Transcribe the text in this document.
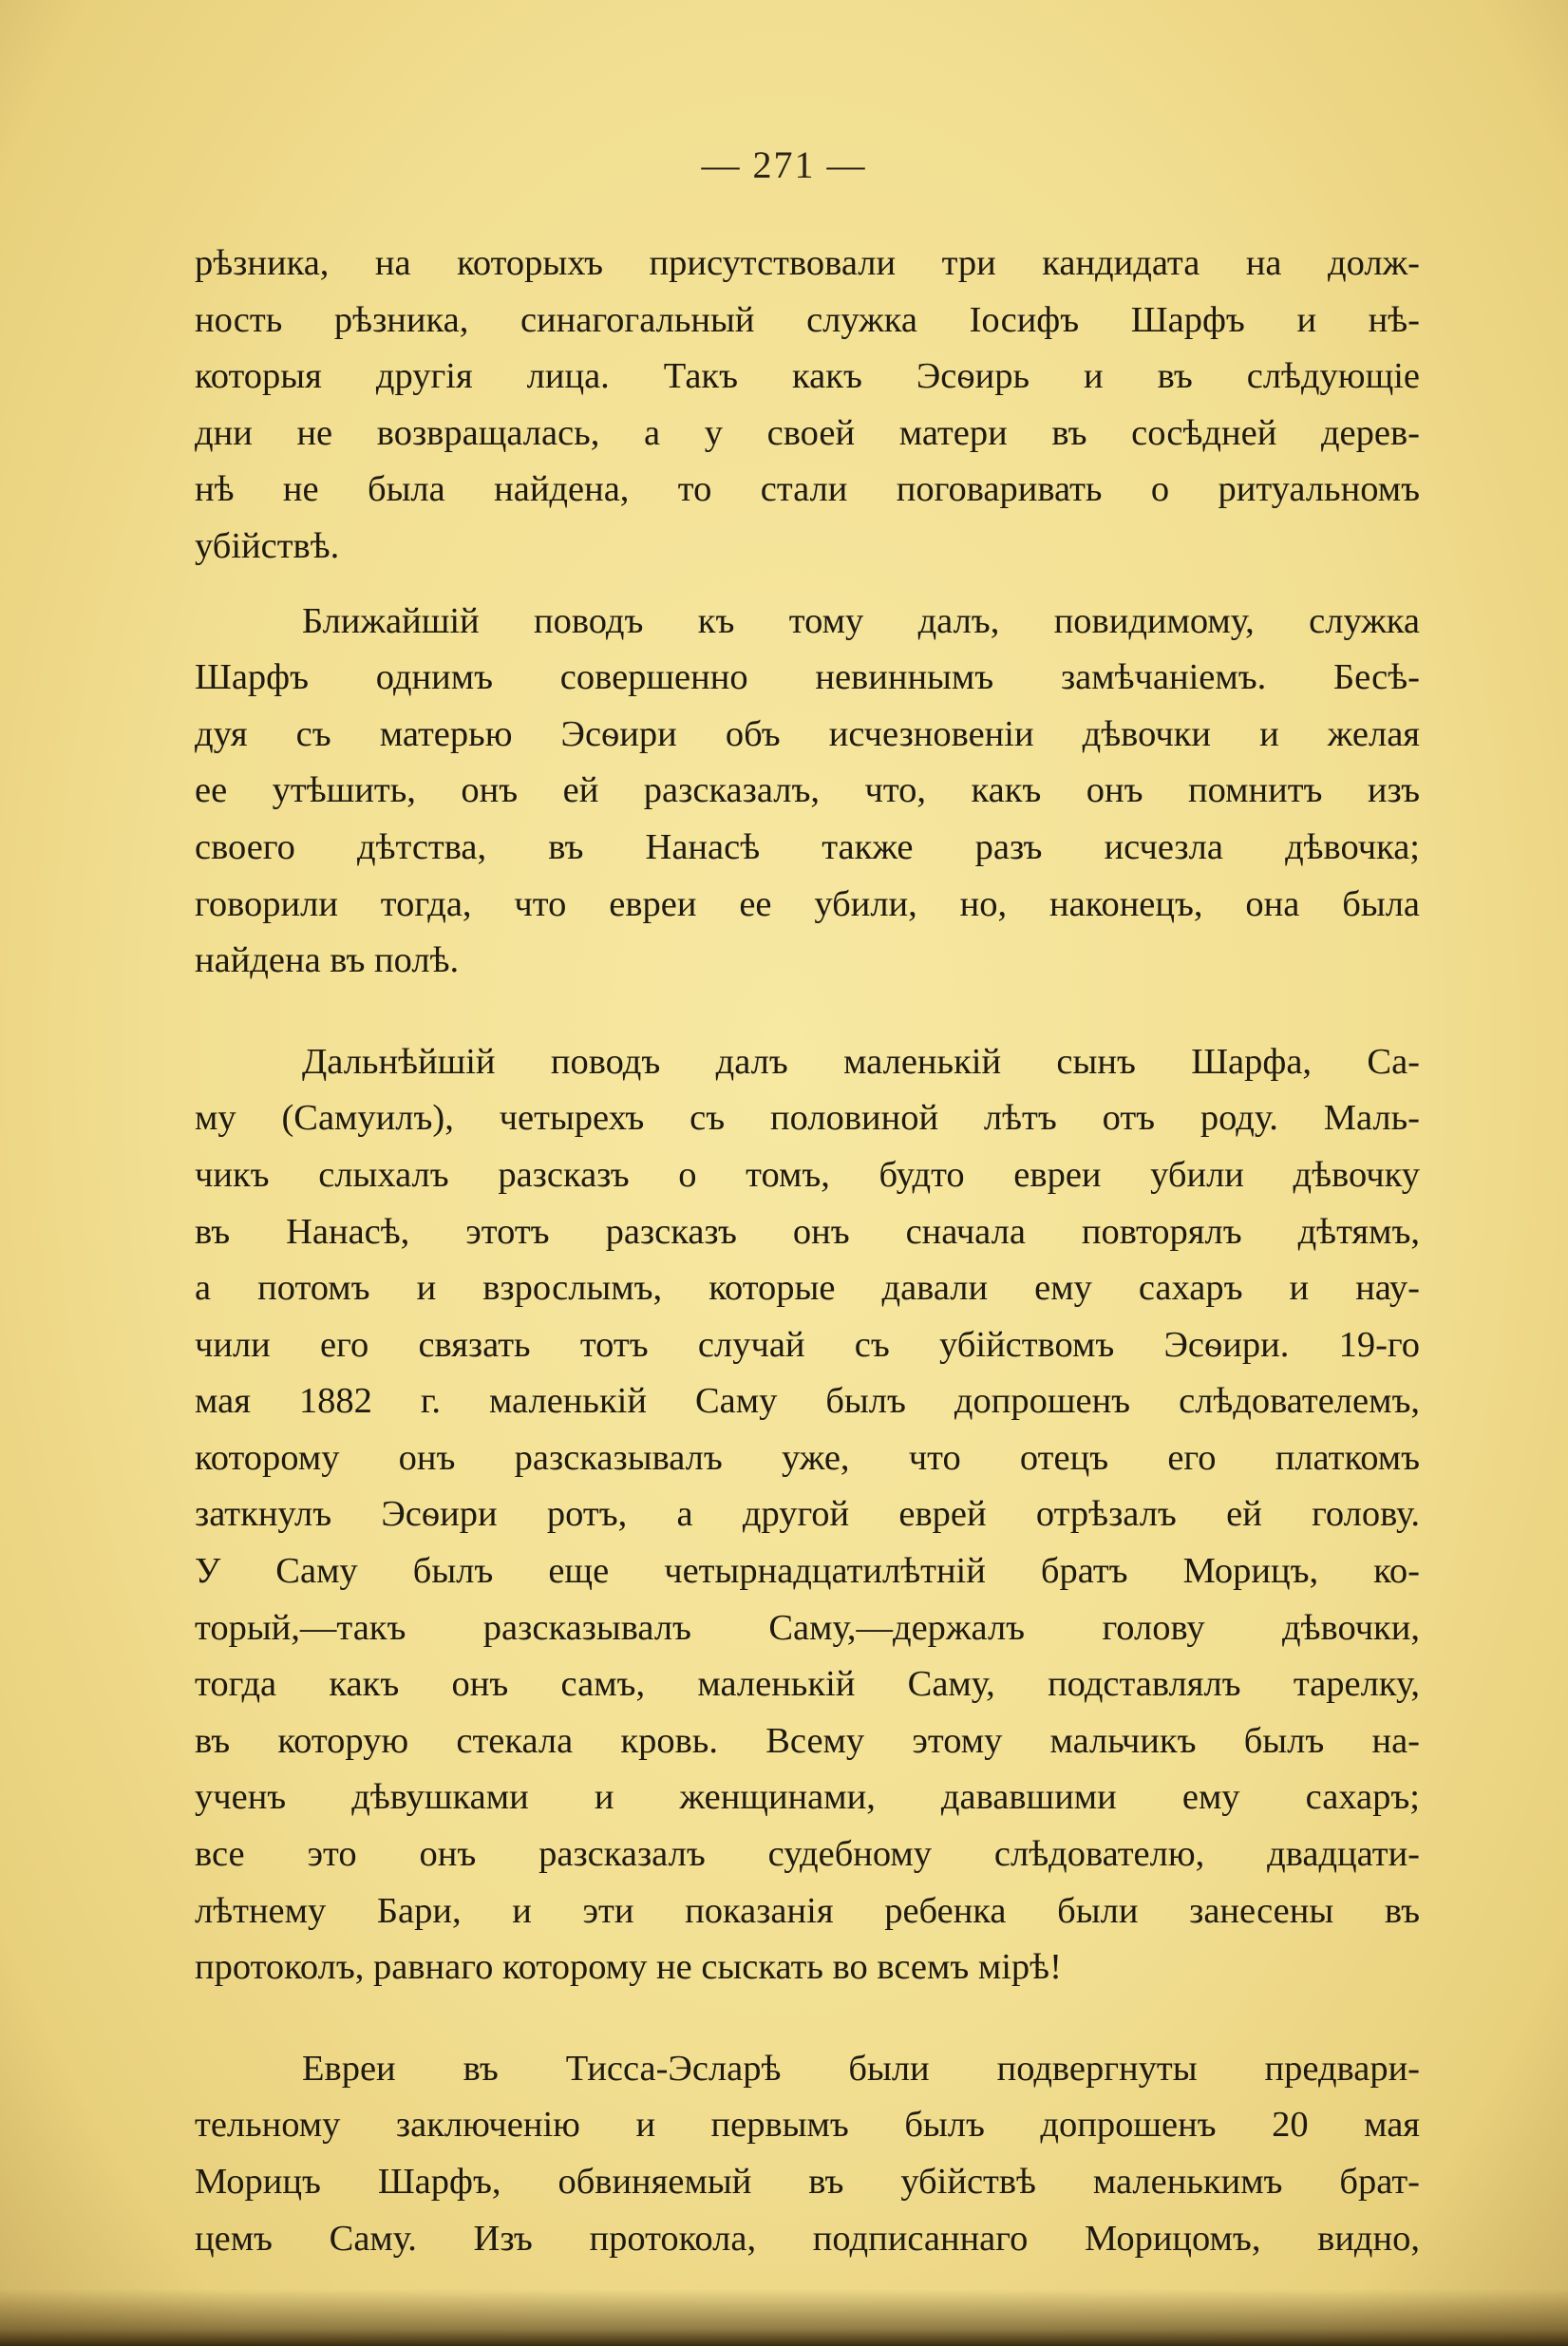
— 271 —

рѣзника, на которыхъ присутствовали три кандидата на долж-
ность рѣзника, синагогальный служка Іосифъ Шарфъ и нѣ-
которыя другія лица. Такъ какъ Эсѳирь и въ слѣдующіе
дни не возвращалась, а у своей матери въ сосѣдней дерев-
нѣ не была найдена, то стали поговаривать о ритуальномъ
убійствѣ.

Ближайшій поводъ къ тому далъ, повидимому, служка
Шарфъ однимъ совершенно невиннымъ замѣчаніемъ. Бесѣ-
дуя съ матерью Эсѳири объ исчезновеніи дѣвочки и желая
ее утѣшить, онъ ей разсказалъ, что, какъ онъ помнитъ изъ
своего дѣтства, въ Нанасѣ также разъ исчезла дѣвочка;
говорили тогда, что евреи ее убили, но, наконецъ, она была
найдена въ полѣ.

Дальнѣйшій поводъ далъ маленькій сынъ Шарфа, Са-
му (Самуилъ), четырехъ съ половиной лѣтъ отъ роду. Маль-
чикъ слыхалъ разсказъ о томъ, будто евреи убили дѣвочку
въ Нанасѣ, этотъ разсказъ онъ сначала повторялъ дѣтямъ,
а потомъ и взрослымъ, которые давали ему сахаръ и нау-
чили его связать тотъ случай съ убійствомъ Эсѳири. 19-го
мая 1882 г. маленькій Саму былъ допрошенъ слѣдователемъ,
которому онъ разсказывалъ уже, что отецъ его платкомъ
заткнулъ Эсѳири ротъ, а другой еврей отрѣзалъ ей голову.
У Саму былъ еще четырнадцатилѣтній братъ Морицъ, ко-
торый,—такъ разсказывалъ Саму,—держалъ голову дѣвочки,
тогда какъ онъ самъ, маленькій Саму, подставлялъ тарелку,
въ которую стекала кровь. Всему этому мальчикъ былъ на-
ученъ дѣвушками и женщинами, дававшими ему сахаръ;
все это онъ разсказалъ судебному слѣдователю, двадцати-
лѣтнему Бари, и эти показанія ребенка были занесены въ
протоколъ, равнаго которому не сыскать во всемъ мірѣ!

Евреи въ Тисса-Эсларѣ были подвергнуты предвари-
тельному заключенію и первымъ былъ допрошенъ 20 мая
Морицъ Шарфъ, обвиняемый въ убійствѣ маленькимъ брат-
цемъ Саму. Изъ протокола, подписаннаго Морицомъ, видно,
